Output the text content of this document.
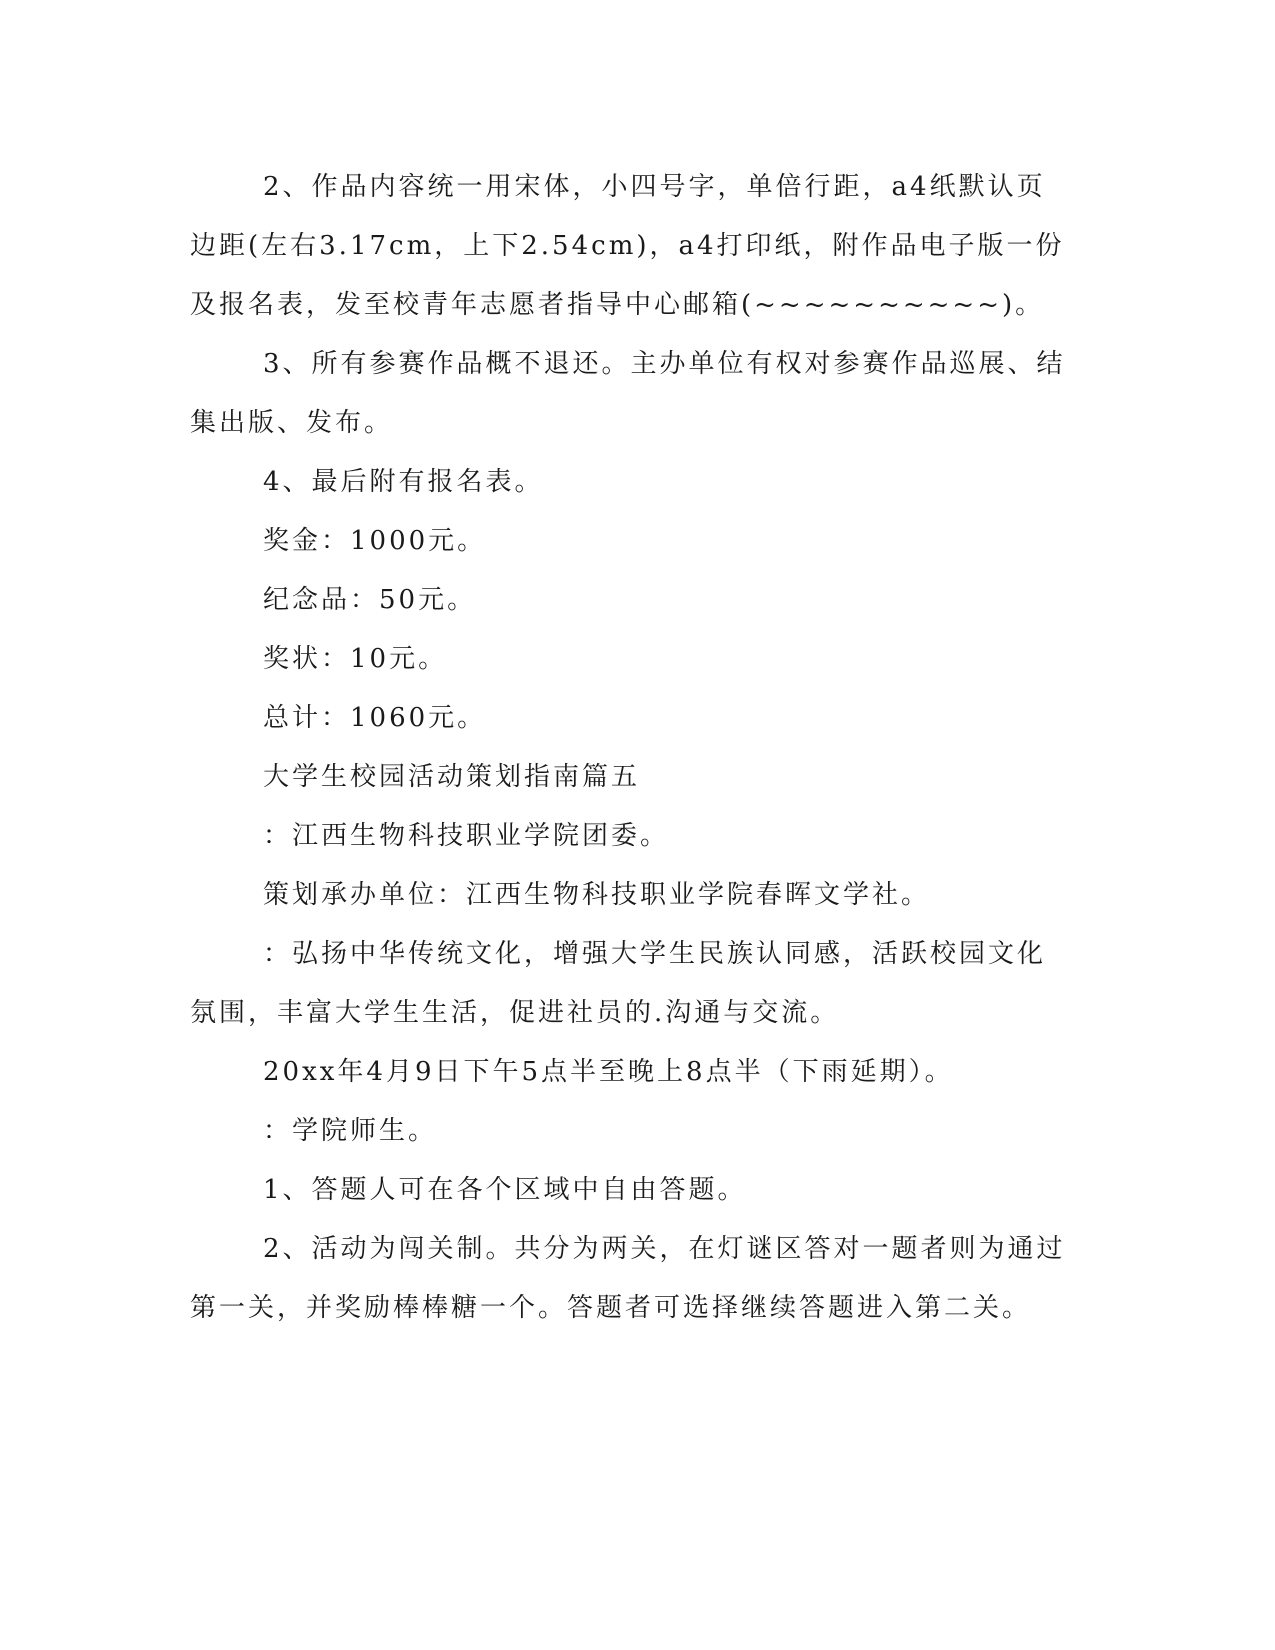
2、作品内容统一用宋体，小四号字，单倍行距，a4纸默认页边距(左右3.17cm，上下2.54cm)，a4打印纸，附作品电子版一份及报名表，发至校青年志愿者指导中心邮箱(~~~~~~~~~~)。

3、所有参赛作品概不退还。主办单位有权对参赛作品巡展、结集出版、发布。

4、最后附有报名表。

奖金：1000元。

纪念品：50元。

奖状：10元。

总计：1060元。

大学生校园活动策划指南篇五

：江西生物科技职业学院团委。

策划承办单位：江西生物科技职业学院春晖文学社。

：弘扬中华传统文化，增强大学生民族认同感，活跃校园文化氛围，丰富大学生生活，促进社员的.沟通与交流。

20xx年4月9日下午5点半至晚上8点半（下雨延期）。

：学院师生。

1、答题人可在各个区域中自由答题。

2、活动为闯关制。共分为两关，在灯谜区答对一题者则为通过第一关，并奖励棒棒糖一个。答题者可选择继续答题进入第二关。
